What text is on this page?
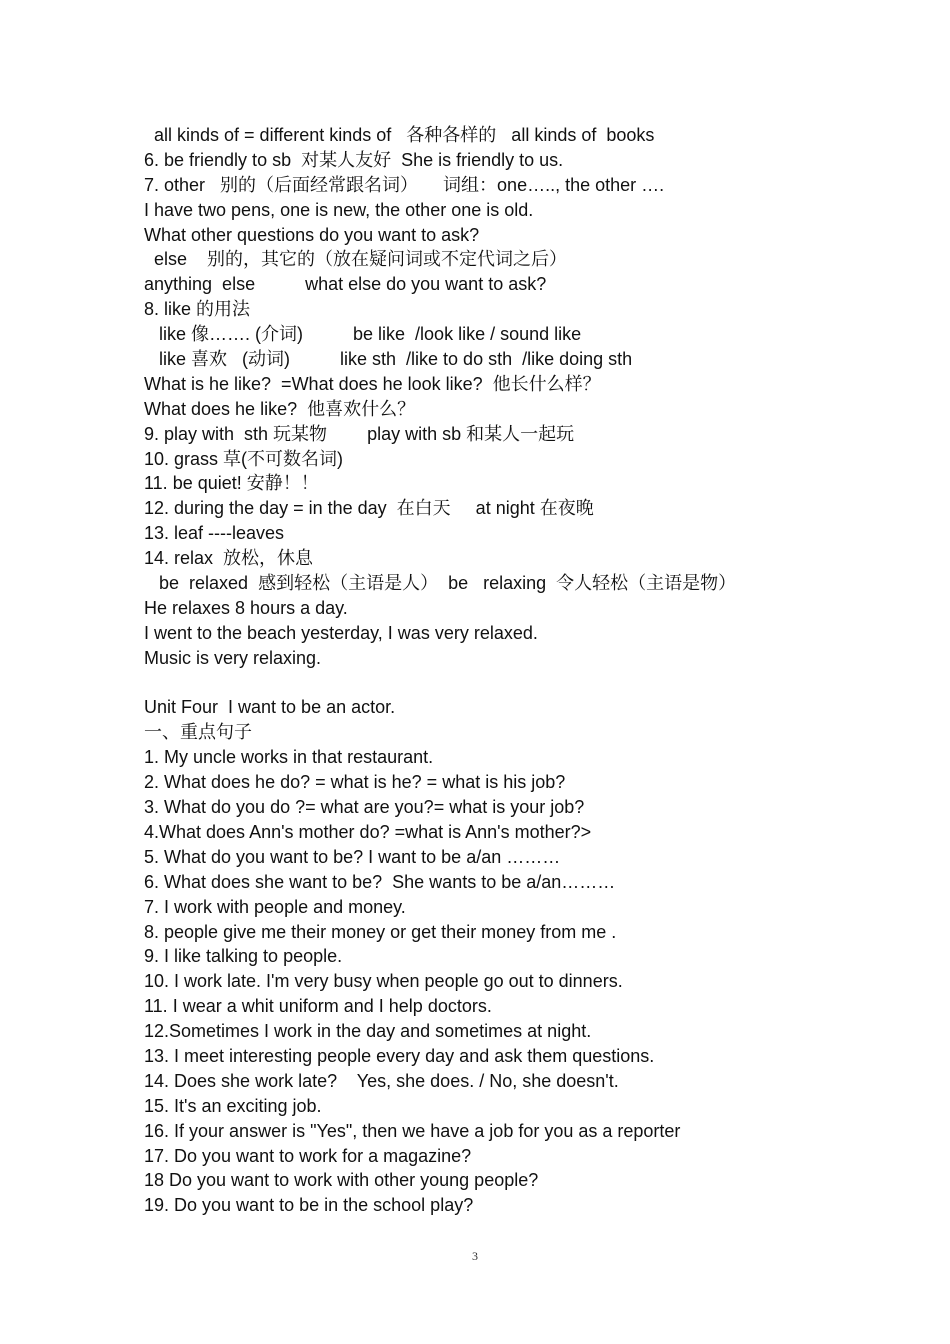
all kinds of = different kinds of   各种各样的   all kinds of  books
6. be friendly to sb  对某人友好  She is friendly to us.
7. other   别的（后面经常跟名词）     词组：one….., the other ….
I have two pens, one is new, the other one is old.
What other questions do you want to ask?
else    别的，其它的（放在疑问词或不定代词之后）
anything  else          what else do you want to ask?
8. like 的用法
like 像……. (介词)          be like  /look like / sound like
like 喜欢   (动词)          like sth  /like to do sth  /like doing sth
What is he like?  =What does he look like?  他长什么样？
What does he like?  他喜欢什么？
9. play with  sth 玩某物        play with sb 和某人一起玩
10. grass 草(不可数名词)
11. be quiet! 安静！！
12. during the day = in the day  在白天     at night 在夜晚
13. leaf ----leaves
14. relax  放松，休息
be  relaxed  感到轻松（主语是人）  be   relaxing  令人轻松（主语是物）
He relaxes 8 hours a day.
I went to the beach yesterday, I was very relaxed.
Music is very relaxing.
Unit Four  I want to be an actor.
一、重点句子
1. My uncle works in that restaurant.
2. What does he do? = what is he? = what is his job?
3. What do you do ?= what are you?= what is your job?
4.What does Ann's mother do? =what is Ann's mother?>
5. What do you want to be? I want to be a/an ………
6. What does she want to be?  She wants to be a/an………
7. I work with people and money.
8. people give me their money or get their money from me .
9. I like talking to people.
10. I work late. I'm very busy when people go out to dinners.
11. I wear a whit uniform and I help doctors.
12.Sometimes I work in the day and sometimes at night.
13. I meet interesting people every day and ask them questions.
14. Does she work late?    Yes, she does. / No, she doesn't.
15. It's an exciting job.
16. If your answer is "Yes", then we have a job for you as a reporter
17. Do you want to work for a magazine?
18 Do you want to work with other young people?
19. Do you want to be in the school play?
3
